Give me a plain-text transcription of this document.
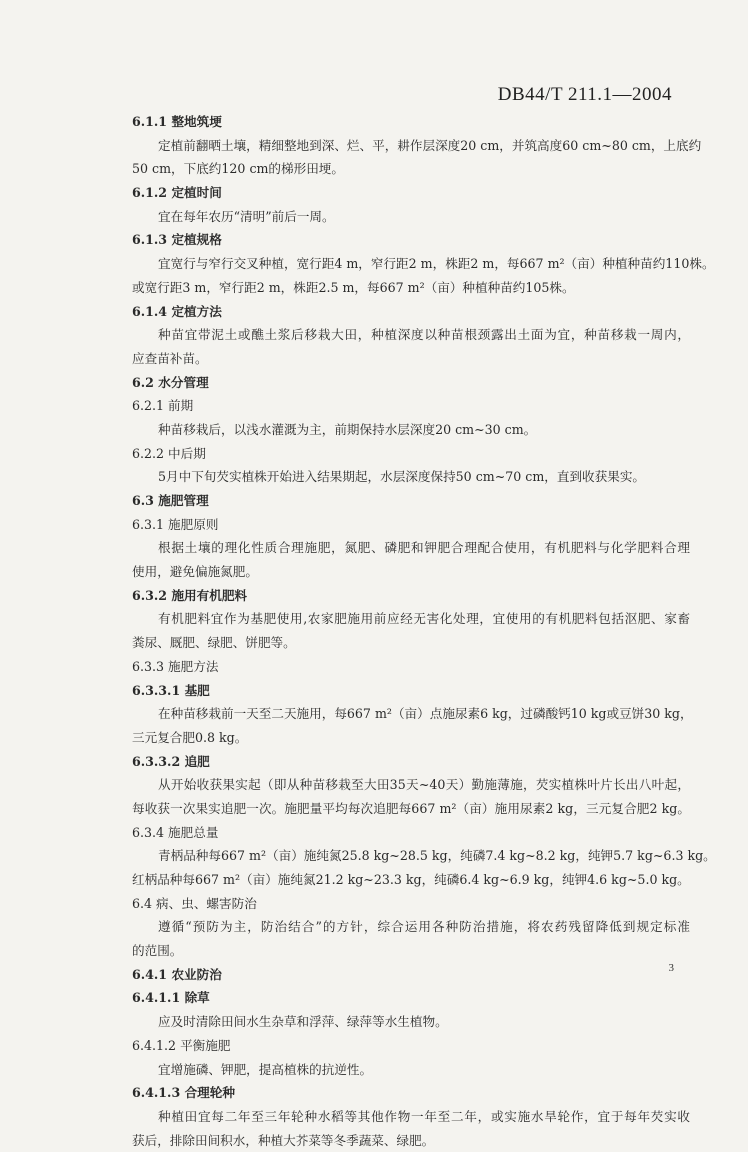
DB44/T 211.1—2004
6.1.1 整地筑埂
定植前翻晒土壤，精细整地到深、烂、平，耕作层深度20 cm，并筑高度60 cm~80 cm，上底约
50 cm，下底约120 cm的梯形田埂。
6.1.2 定植时间
宜在每年农历“清明”前后一周。
6.1.3 定植规格
宜宽行与窄行交叉种植，宽行距4 m，窄行距2 m，株距2 m，每667 m²（亩）种植种苗约110株。
或宽行距3 m，窄行距2 m，株距2.5 m，每667 m²（亩）种植种苗约105株。
6.1.4 定植方法
种苗宜带泥土或醮土浆后移栽大田，种植深度以种苗根颈露出土面为宜，种苗移栽一周内，
应查苗补苗。
6.2 水分管理
6.2.1 前期
种苗移栽后，以浅水灌溉为主，前期保持水层深度20 cm~30 cm。
6.2.2 中后期
5月中下旬芡实植株开始进入结果期起，水层深度保持50 cm~70 cm，直到收获果实。
6.3 施肥管理
6.3.1 施肥原则
根据土壤的理化性质合理施肥，氮肥、磷肥和钾肥合理配合使用，有机肥料与化学肥料合理
使用，避免偏施氮肥。
6.3.2 施用有机肥料
有机肥料宜作为基肥使用,农家肥施用前应经无害化处理，宜使用的有机肥料包括沤肥、家畜
粪尿、厩肥、绿肥、饼肥等。
6.3.3 施肥方法
6.3.3.1 基肥
在种苗移栽前一天至二天施用，每667 m²（亩）点施尿素6 kg，过磷酸钙10 kg或豆饼30 kg，
三元复合肥0.8 kg。
6.3.3.2 追肥
从开始收获果实起（即从种苗移栽至大田35天~40天）勤施薄施，芡实植株叶片长出八叶起，
每收获一次果实追肥一次。施肥量平均每次追肥每667 m²（亩）施用尿素2 kg，三元复合肥2 kg。
6.3.4 施肥总量
青柄品种每667 m²（亩）施纯氮25.8 kg~28.5 kg，纯磷7.4 kg~8.2 kg，纯钾5.7 kg~6.3 kg。
红柄品种每667 m²（亩）施纯氮21.2 kg~23.3 kg，纯磷6.4 kg~6.9 kg，纯钾4.6 kg~5.0 kg。
6.4 病、虫、螺害防治
遵循“预防为主，防治结合”的方针，综合运用各种防治措施，将农药残留降低到规定标准
的范围。
6.4.1 农业防治
6.4.1.1 除草
应及时清除田间水生杂草和浮萍、绿萍等水生植物。
6.4.1.2 平衡施肥
宜增施磷、钾肥，提高植株的抗逆性。
6.4.1.3 合理轮种
种植田宜每二年至三年轮种水稻等其他作物一年至二年，或实施水旱轮作，宜于每年芡实收
获后，排除田间积水，种植大芥菜等冬季蔬菜、绿肥。
3
